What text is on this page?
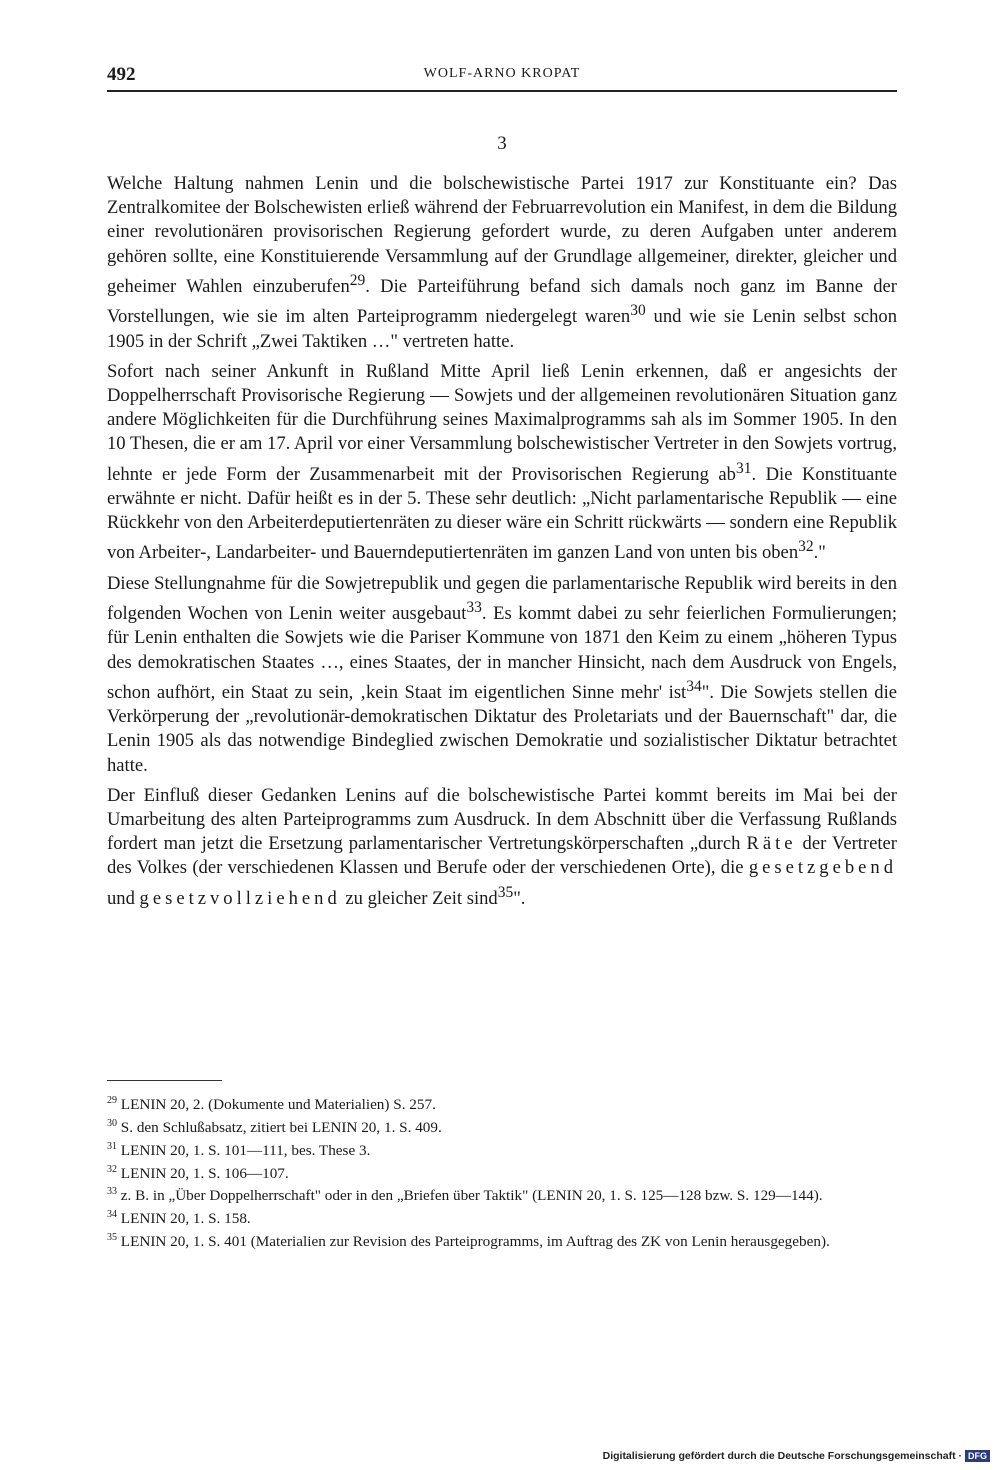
492	WOLF-ARNO KROPAT
3

Welche Haltung nahmen Lenin und die bolschewistische Partei 1917 zur Konstituante ein? Das Zentralkomitee der Bolschewisten erließ während der Februarrevolution ein Manifest, in dem die Bildung einer revolutionären provisorischen Regierung gefordert wurde, zu deren Aufgaben unter anderem gehören sollte, eine Konstituierende Versammlung auf der Grundlage allgemeiner, direkter, gleicher und geheimer Wahlen einzuberufen$^{29}$. Die Parteiführung befand sich damals noch ganz im Banne der Vorstellungen, wie sie im alten Parteiprogramm niedergelegt waren$^{30}$ und wie sie Lenin selbst schon 1905 in der Schrift „Zwei Taktiken …" vertreten hatte.

Sofort nach seiner Ankunft in Rußland Mitte April ließ Lenin erkennen, daß er angesichts der Doppelherrschaft Provisorische Regierung — Sowjets und der allgemeinen revolutionären Situation ganz andere Möglichkeiten für die Durchführung seines Maximalprogramms sah als im Sommer 1905. In den 10 Thesen, die er am 17. April vor einer Versammlung bolschewistischer Vertreter in den Sowjets vortrug, lehnte er jede Form der Zusammenarbeit mit der Provisorischen Regierung $ab^{31}$. Die Konstituante erwähnte er nicht. Dafür heißt es in der 5. These sehr deutlich: „Nicht parlamentarische Republik — eine Rückkehr von den Arbeiterdeputiertenräten zu dieser wäre ein Schritt rückwärts — sondern eine Republik von Arbeiter-, Landarbeiter- und Bauerndeputiertenräten im ganzen Land von unten bis oben$^{32}$."

Diese Stellungnahme für die Sowjetrepublik und gegen die parlamentarische Republik wird bereits in den folgenden Wochen von Lenin weiter ausgebaut$^{33}$. Es kommt dabei zu sehr feierlichen Formulierungen; für Lenin enthalten die Sowjets wie die Pariser Kommune von 1871 den Keim zu einem „höheren Typus des demokratischen Staates …, eines Staates, der in mancher Hinsicht, nach dem Ausdruck von Engels, schon aufhört, ein Staat zu sein, ‚kein Staat im eigentlichen Sinne mehr' ist$^{34}$". Die Sowjets stellen die Verkörperung der „revolutionär-demokratischen Diktatur des Proletariats und der Bauernschaft" dar, die Lenin 1905 als das notwendige Bindeglied zwischen Demokratie und sozialistischer Diktatur betrachtet hatte.

Der Einfluß dieser Gedanken Lenins auf die bolschewistische Partei kommt bereits im Mai bei der Umarbeitung des alten Parteiprogramms zum Ausdruck. In dem Abschnitt über die Verfassung Rußlands fordert man jetzt die Ersetzung parlamentarischer Vertretungskörperschaften „durch Räte der Vertreter des Volkes (der verschiedenen Klassen und Berufe oder der verschiedenen Orte), die gesetzgebend und gesetzvollziehend zu gleicher Zeit sind$^{35}$".

$^{29}$ LENIN 20, 2. (Dokumente und Materialien) S. 257.

$^{30}$ S. den Schlußabsatz, zitiert bei LENIN 20, 1. S. 409.

$^{31}$ LENIN 20, 1. S. 101—111, bes. These 3.

$^{32}$ LENIN 20, 1. S. 106—107.

$^{33}$ z. B. in „Über Doppelherrschaft" oder in den „Briefen über Taktik" (LENIN 20, 1. S. 125—128 bzw. S. 129—144).

$^{34}$ LENIN 20, 1. S. 158.

$^{35}$ LENIN 20, 1. S. 401 (Materialien zur Revision des Parteiprogramms, im Auftrag des ZK von Lenin herausgegeben).

Digitalisierung gefördert durch die Deutsche Forschungsgemeinschaft · DFG
